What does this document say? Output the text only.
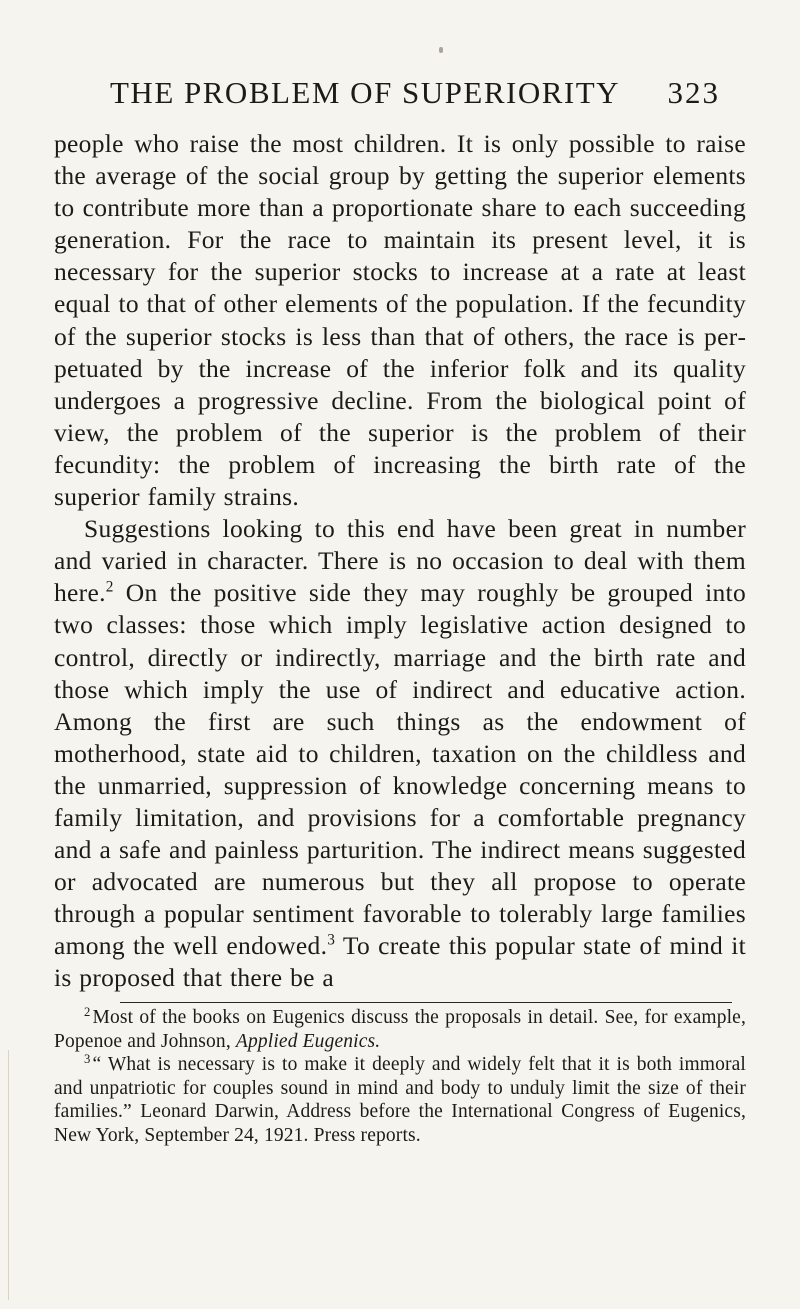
THE PROBLEM OF SUPERIORITY 323

people who raise the most children. It is only possible to raise the average of the social group by getting the superior elements to contribute more than a proportionate share to each succeeding generation. For the race to maintain its present level, it is necessary for the superior stocks to increase at a rate at least equal to that of other elements of the population. If the fecundity of the superior stocks is less than that of others, the race is perpetuated by the increase of the inferior folk and its quality undergoes a progressive decline. From the biological point of view, the problem of the superior is the problem of their fecundity: the problem of increasing the birth rate of the superior family strains.

Suggestions looking to this end have been great in number and varied in character. There is no occasion to deal with them here.$^2$ On the positive side they may roughly be grouped into two classes: those which imply legislative action designed to control, directly or indirectly, marriage and the birth rate and those which imply the use of indirect and educative action. Among the first are such things as the endowment of motherhood, state aid to children, taxation on the childless and the unmarried, suppression of knowledge concerning means to family limitation, and provisions for a comfortable pregnancy and a safe and painless parturition. The indirect means suggested or advocated are numerous but they all propose to operate through a popular sentiment favorable to tolerably large families among the well endowed.$^3$ To create this popular state of mind it is proposed that there be a

$^2$ Most of the books on Eugenics discuss the proposals in detail. See, for example, Popenoe and Johnson, Applied Eugenics.

$^3$ “ What is necessary is to make it deeply and widely felt that it is both immoral and unpatriotic for couples sound in mind and body to unduly limit the size of their families.” Leonard Darwin, Address before the International Congress of Eugenics, New York, September 24, 1921. Press reports.
